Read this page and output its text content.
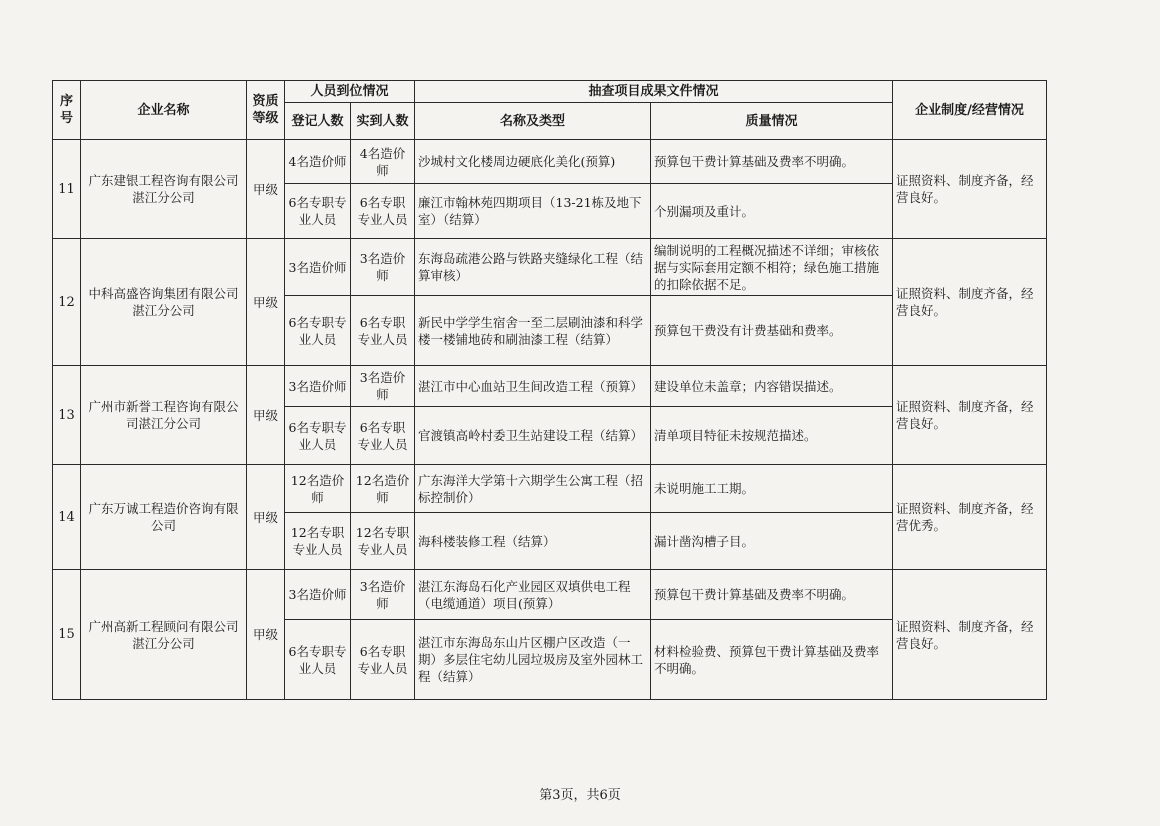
序号	企业名称	资质等级	人员到位情况		抽查项目成果文件情况		企业制度/经营情况
			登记人数	实到人数	名称及类型	质量情况	
11	广东建银工程咨询有限公司湛江分公司	甲级	4名造价师	4名造价师	沙城村文化楼周边硬底化美化(预算)	预算包干费计算基础及费率不明确。	证照资料、制度齐备，经营良好。
			6名专职专业人员	6名专职专业人员	廉江市翰林苑四期项目（13-21栋及地下室）（结算）	个别漏项及重计。	
12	中科高盛咨询集团有限公司湛江分公司	甲级	3名造价师	3名造价师	东海岛疏港公路与铁路夹缝绿化工程（结算审核）	编制说明的工程概况描述不详细；审核依据与实际套用定额不相符；绿色施工措施的扣除依据不足。	证照资料、制度齐备，经营良好。
			6名专职专业人员	6名专职专业人员	新民中学学生宿舍一至二层刷油漆和科学楼一楼铺地砖和刷油漆工程（结算）	预算包干费没有计费基础和费率。	
13	广州市新誉工程咨询有限公司湛江分公司	甲级	3名造价师	3名造价师	湛江市中心血站卫生间改造工程（预算）	建设单位未盖章；内容错误描述。	证照资料、制度齐备，经营良好。
			6名专职专业人员	6名专职专业人员	官渡镇高岭村委卫生站建设工程（结算）	清单项目特征未按规范描述。	
14	广东万诚工程造价咨询有限公司	甲级	12名造价师	12名造价师	广东海洋大学第十六期学生公寓工程（招标控制价）	未说明施工工期。	证照资料、制度齐备，经营优秀。
			12名专职专业人员	12名专职专业人员	海科楼装修工程（结算）	漏计凿沟槽子目。	
15	广州高新工程顾问有限公司湛江分公司	甲级	3名造价师	3名造价师	湛江东海岛石化产业园区双填供电工程（电缆通道）项目(预算）	预算包干费计算基础及费率不明确。	证照资料、制度齐备，经营良好。
			6名专职专业人员	6名专职专业人员	湛江市东海岛东山片区棚户区改造（一期）多层住宅幼儿园垃圾房及室外园林工程（结算）	材料检验费、预算包干费计算基础及费率不明确。	
第3页，共6页
